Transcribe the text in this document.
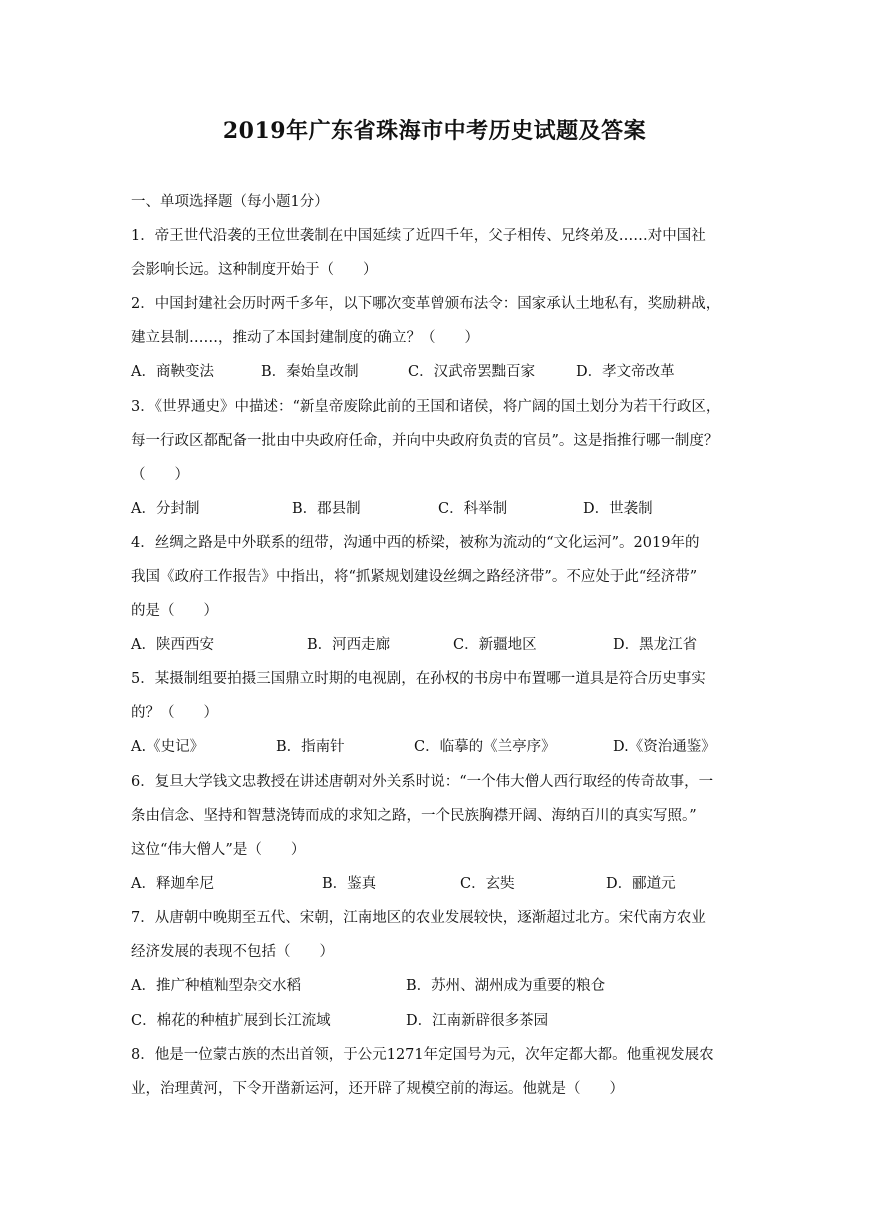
2019年广东省珠海市中考历史试题及答案
一、单项选择题（每小题1分）
1．帝王世代沿袭的王位世袭制在中国延续了近四千年，父子相传、兄终弟及……对中国社
会影响长远。这种制度开始于（　　）
2．中国封建社会历时两千多年，以下哪次变革曾颁布法令：国家承认土地私有，奖励耕战，
建立县制……，推动了本国封建制度的确立？（　　）
A．商鞅变法	B．秦始皇改制	C．汉武帝罢黜百家	D．孝文帝改革
3．《世界通史》中描述：“新皇帝废除此前的王国和诸侯，将广阔的国土划分为若干行政区，
每一行政区都配备一批由中央政府任命，并向中央政府负责的官员”。这是指推行哪一制度？
（　　）
A．分封制	B．郡县制	C．科举制	D．世袭制
4．丝绸之路是中外联系的纽带，沟通中西的桥梁，被称为流动的“文化运河”。2019年的
我国《政府工作报告》中指出，将“抓紧规划建设丝绸之路经济带”。不应处于此“经济带”
的是（　　）
A．陕西西安	B．河西走廊	C．新疆地区	D．黑龙江省
5．某摄制组要拍摄三国鼎立时期的电视剧，在孙权的书房中布置哪一道具是符合历史事实
的？（　　）
A.《史记》	B．指南针	C．临摹的《兰亭序》	D.《资治通鉴》
6．复旦大学钱文忠教授在讲述唐朝对外关系时说：“一个伟大僧人西行取经的传奇故事，一
条由信念、坚持和智慧浇铸而成的求知之路，一个民族胸襟开阔、海纳百川的真实写照。”
这位“伟大僧人”是（　　）
A．释迦牟尼	B．鉴真	C．玄奘	D．郦道元
7．从唐朝中晚期至五代、宋朝，江南地区的农业发展较快，逐渐超过北方。宋代南方农业
经济发展的表现不包括（　　）
A．推广种植籼型杂交水稻	B．苏州、湖州成为重要的粮仓
C．棉花的种植扩展到长江流域	D．江南新辟很多茶园
8．他是一位蒙古族的杰出首领，于公元1271年定国号为元，次年定都大都。他重视发展农
业，治理黄河，下令开凿新运河，还开辟了规模空前的海运。他就是（　　）
